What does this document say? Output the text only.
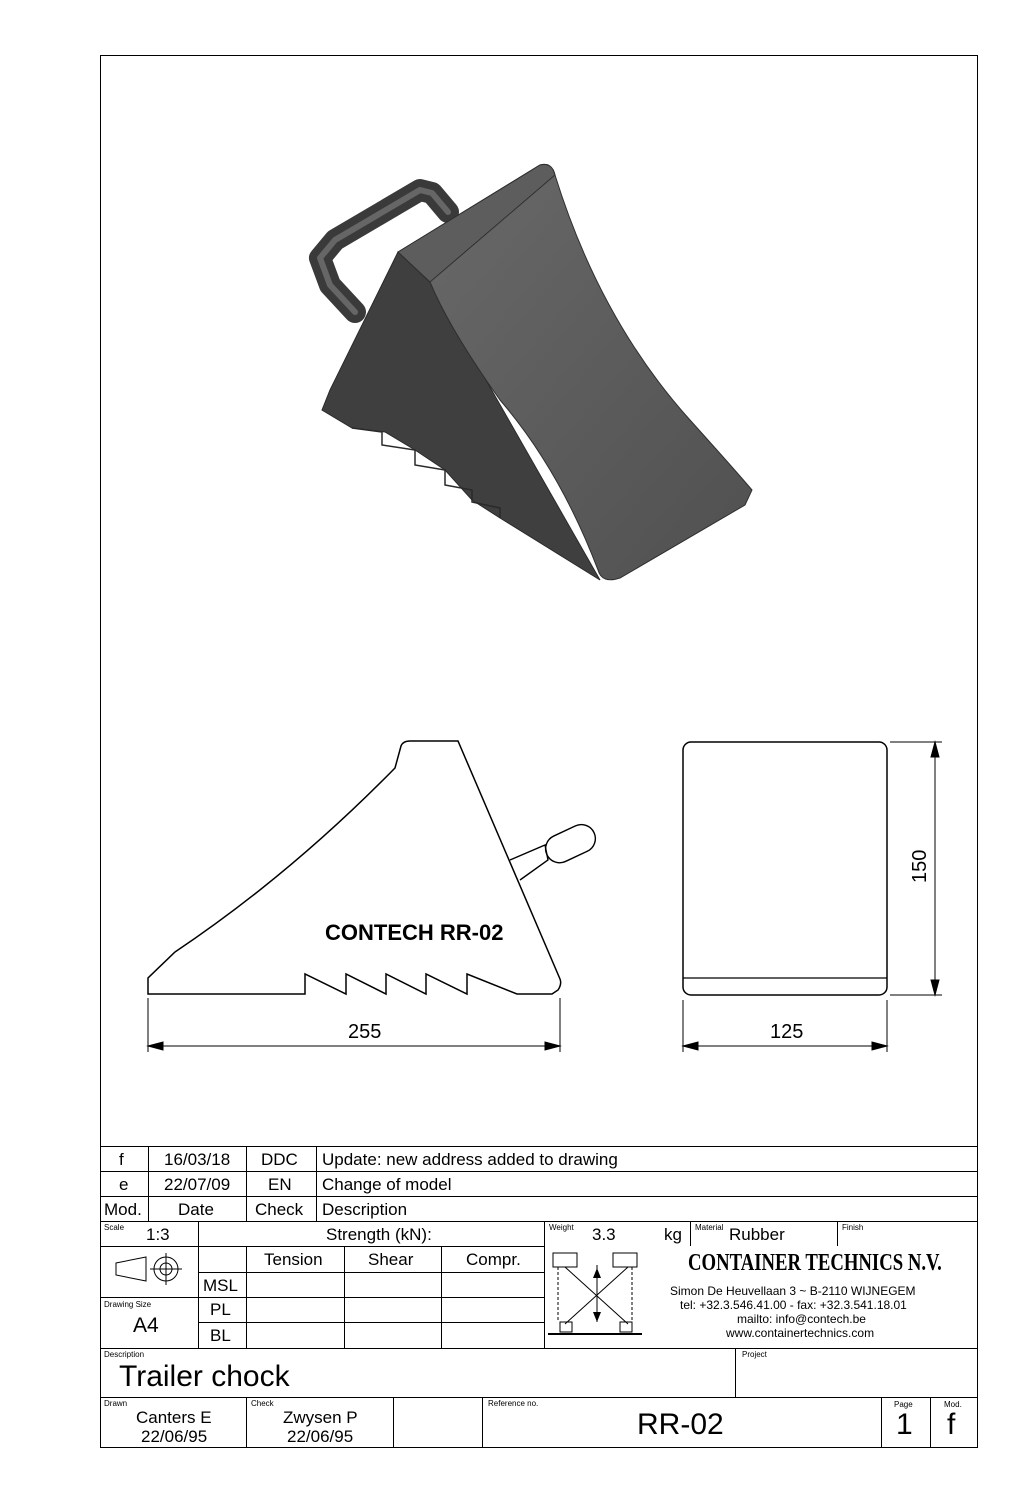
CONTECH RR-02
255	125
150
f 16/03/18 DDC Update: new address added to drawing
e 22/07/09 EN Change of model
Mod. Date Check Description
Scale 1:3	Strength (kN):	Weight 3.3	kg Material Rubber	Finish
Tension	Shear	Compr.
MSL
PL
BL
Drawing Size
A4
CONTAINER TECHNICS N.V.
Simon De Heuvellaan 3 ~ B-2110 WIJNEGEM
tel: +32.3.546.41.00 - fax: +32.3.541.18.01
mailto: info@contech.be
www.containertechnics.com
Description
Trailer chock
Project
Drawn
Canters E
22/06/95
Check
Zwysen P
22/06/95
Reference no.
RR-02
Page
1
Mod.
f
